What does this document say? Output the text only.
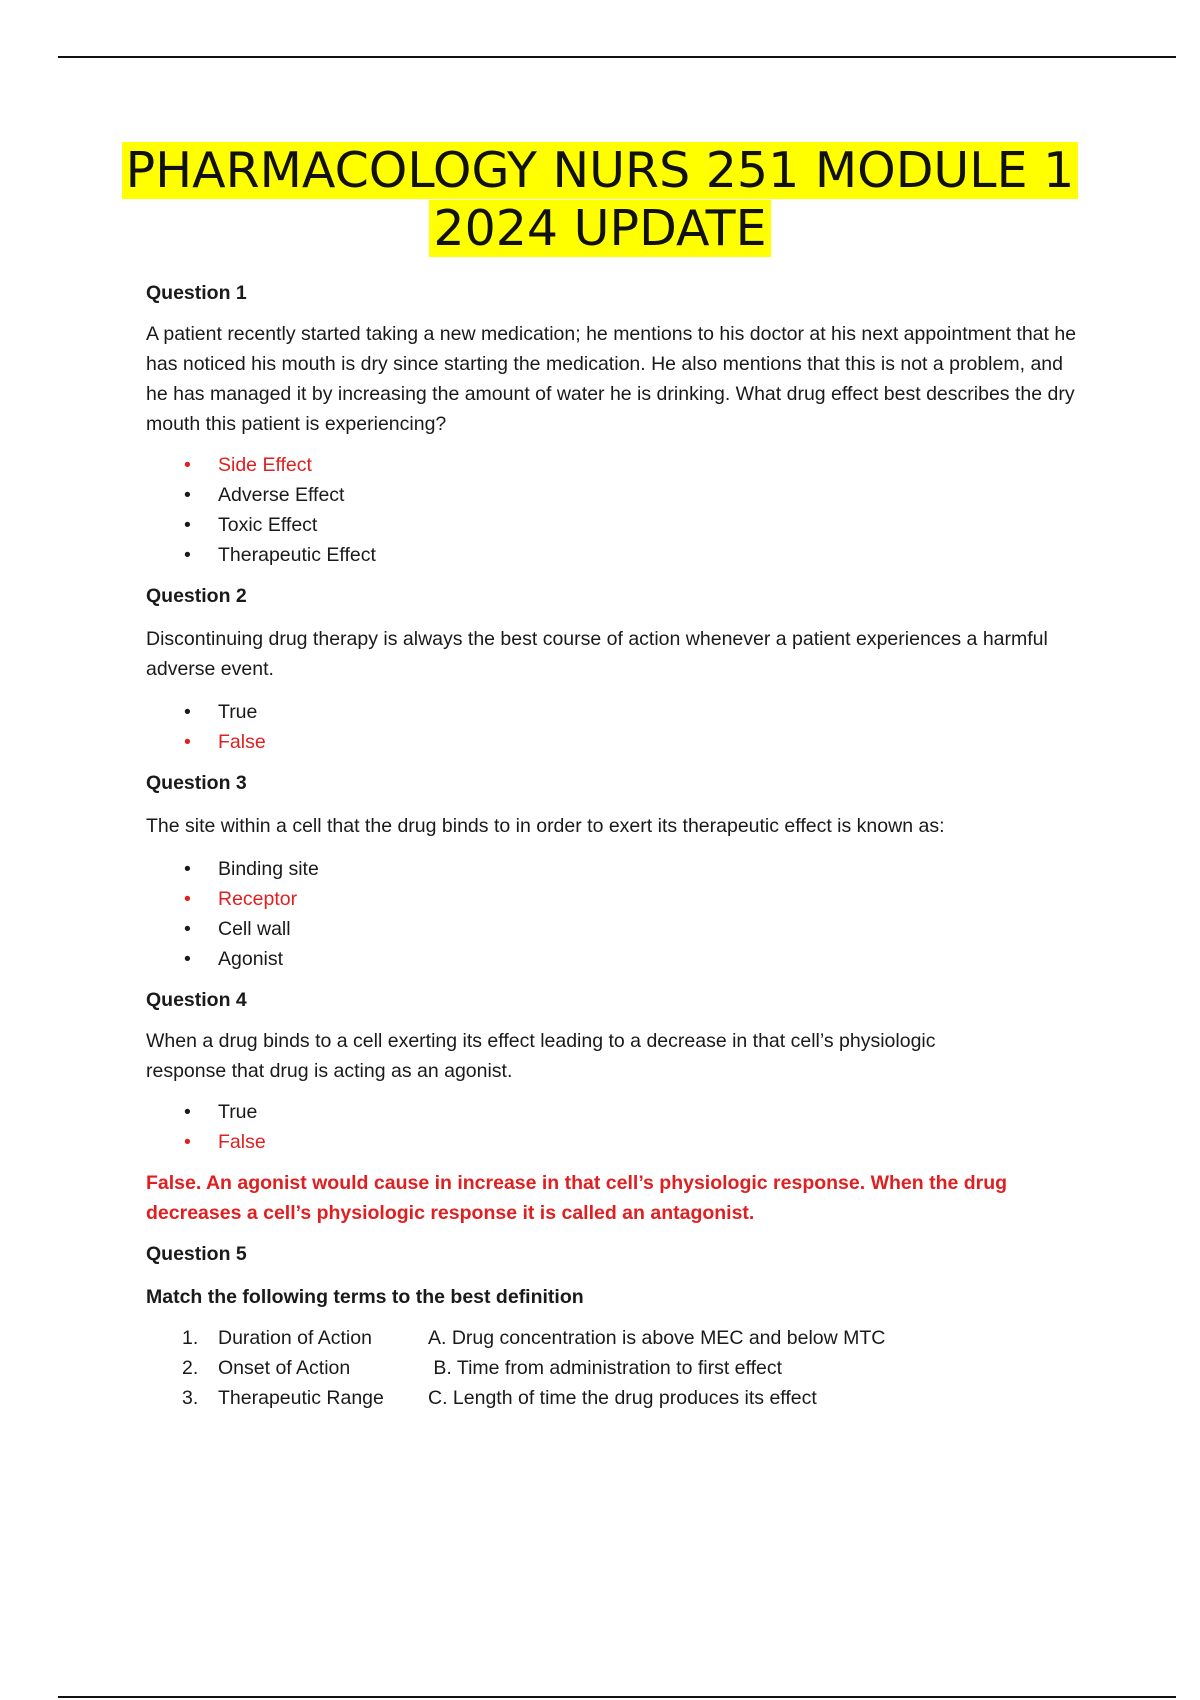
PHARMACOLOGY NURS 251 MODULE 1
2024 UPDATE

Question 1

A patient recently started taking a new medication; he mentions to his doctor at his next appointment that he has noticed his mouth is dry since starting the medication. He also mentions that this is not a problem, and he has managed it by increasing the amount of water he is drinking. What drug effect best describes the dry mouth this patient is experiencing?

• Side Effect
• Adverse Effect
• Toxic Effect
• Therapeutic Effect

Question 2

Discontinuing drug therapy is always the best course of action whenever a patient experiences a harmful adverse event.

• True
• False

Question 3

The site within a cell that the drug binds to in order to exert its therapeutic effect is known as:

• Binding site
• Receptor
• Cell wall
• Agonist

Question 4

When a drug binds to a cell exerting its effect leading to a decrease in that cell’s physiologic
response that drug is acting as an agonist.

• True
• False

False. An agonist would cause in increase in that cell’s physiologic response. When the drug
decreases a cell’s physiologic response it is called an antagonist.

Question 5

Match the following terms to the best definition

1.	Duration of Action	A. Drug concentration is above MEC and below MTC
2.	Onset of Action	B. Time from administration to first effect
3.	Therapeutic Range	C. Length of time the drug produces its effect
